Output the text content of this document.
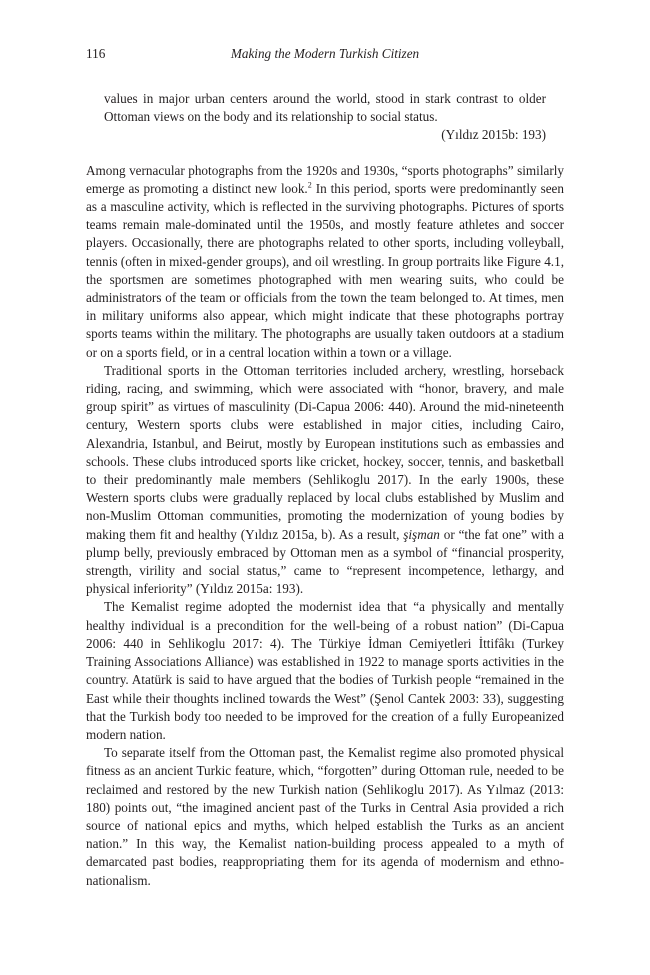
116	Making the Modern Turkish Citizen
values in major urban centers around the world, stood in stark contrast to older Ottoman views on the body and its relationship to social status.
(Yıldız 2015b: 193)

Among vernacular photographs from the 1920s and 1930s, “sports photographs” similarly emerge as promoting a distinct new look.$^2$ In this period, sports were predominantly seen as a masculine activity, which is reflected in the surviving photographs. Pictures of sports teams remain male-dominated until the 1950s, and mostly feature athletes and soccer players. Occasionally, there are photographs related to other sports, including volleyball, tennis (often in mixed-gender groups), and oil wrestling. In group portraits like Figure 4.1, the sportsmen are sometimes photographed with men wearing suits, who could be administrators of the team or officials from the town the team belonged to. At times, men in military uniforms also appear, which might indicate that these photographs portray sports teams within the military. The photographs are usually taken outdoors at a stadium or on a sports field, or in a central location within a town or a village.

Traditional sports in the Ottoman territories included archery, wrestling, horseback riding, racing, and swimming, which were associated with “honor, bravery, and male group spirit” as virtues of masculinity (Di-Capua 2006: 440). Around the mid-nineteenth century, Western sports clubs were established in major cities, including Cairo, Alexandria, Istanbul, and Beirut, mostly by European institutions such as embassies and schools. These clubs introduced sports like cricket, hockey, soccer, tennis, and basketball to their predominantly male members (Sehlikoglu 2017). In the early 1900s, these Western sports clubs were gradually replaced by local clubs established by Muslim and non-Muslim Ottoman communities, promoting the modernization of young bodies by making them fit and healthy (Yıldız 2015a, b). As a result, şişman or “the fat one” with a plump belly, previously embraced by Ottoman men as a symbol of “financial prosperity, strength, virility and social status,” came to “represent incompetence, lethargy, and physical inferiority” (Yıldız 2015a: 193).

The Kemalist regime adopted the modernist idea that “a physically and mentally healthy individual is a precondition for the well-being of a robust nation” (Di-Capua 2006: 440 in Sehlikoglu 2017: 4). The Türkiye İdman Cemiyetleri İttifâkı (Turkey Training Associations Alliance) was established in 1922 to manage sports activities in the country. Atatürk is said to have argued that the bodies of Turkish people “remained in the East while their thoughts inclined towards the West” (Şenol Cantek 2003: 33), suggesting that the Turkish body too needed to be improved for the creation of a fully Europeanized modern nation.

To separate itself from the Ottoman past, the Kemalist regime also promoted physical fitness as an ancient Turkic feature, which, “forgotten” during Ottoman rule, needed to be reclaimed and restored by the new Turkish nation (Sehlikoglu 2017). As Yılmaz (2013: 180) points out, “the imagined ancient past of the Turks in Central Asia provided a rich source of national epics and myths, which helped establish the Turks as an ancient nation.” In this way, the Kemalist nation-building process appealed to a myth of demarcated past bodies, reappropriating them for its agenda of modernism and ethno-nationalism.
